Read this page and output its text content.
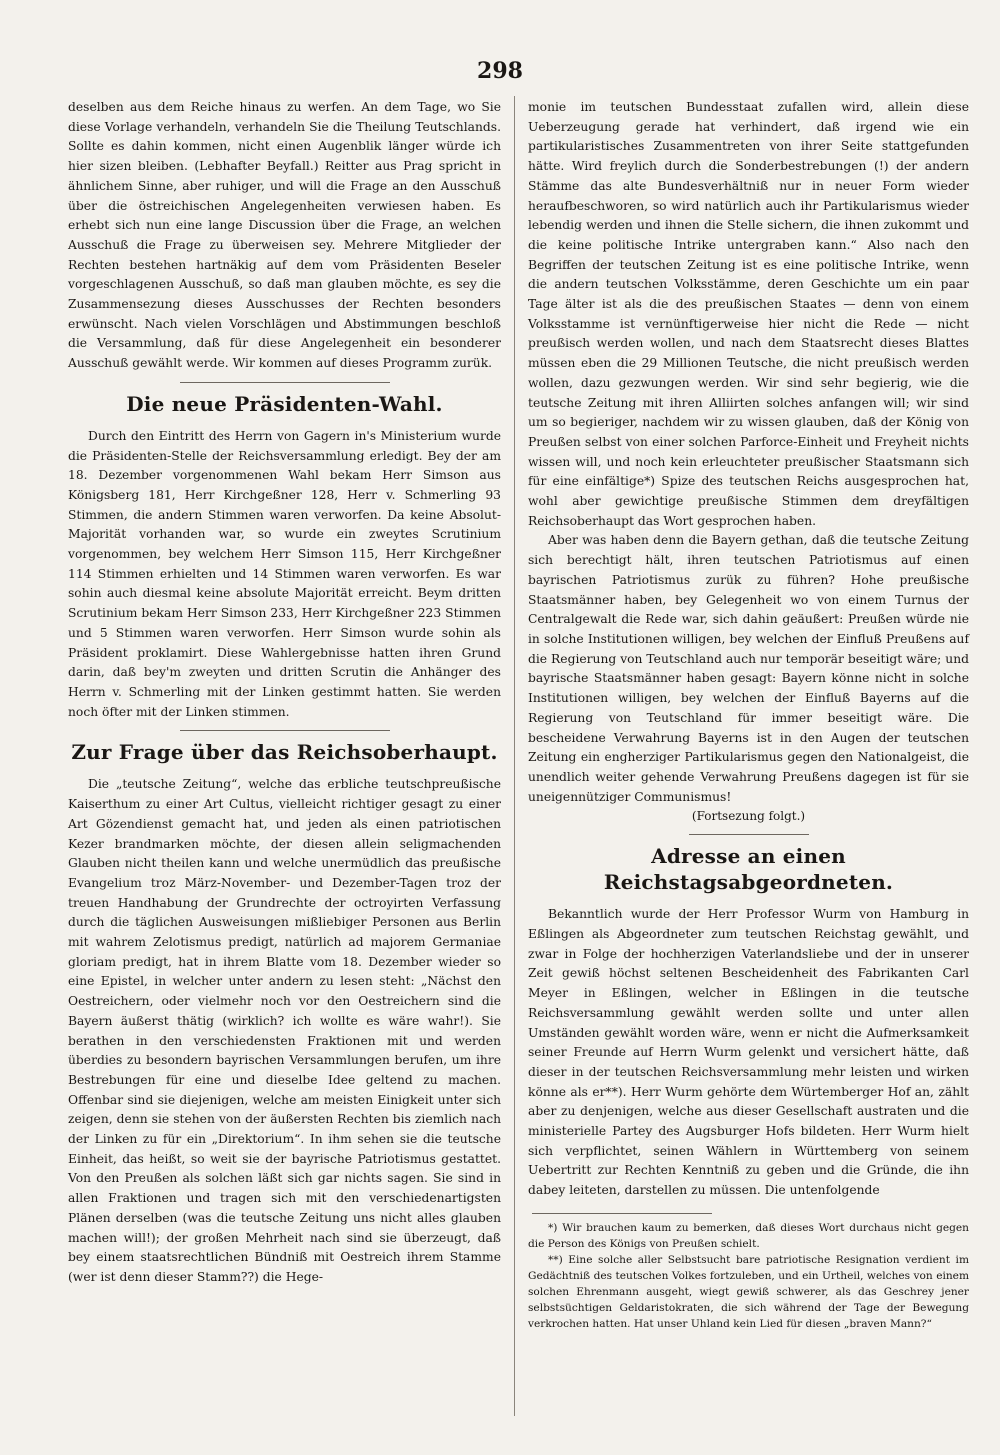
298

deselben aus dem Reiche hinaus zu werfen. An dem Tage, wo Sie diese Vorlage verhandeln, verhandeln Sie die Theilung Teutschlands. Sollte es dahin kommen, nicht einen Augenblik länger würde ich hier sizen bleiben. (Lebhafter Beyfall.) Reitter aus Prag spricht in ähnlichem Sinne, aber ruhiger, und will die Frage an den Ausschuß über die östreichischen Angelegenheiten verwiesen haben. Es erhebt sich nun eine lange Discussion über die Frage, an welchen Ausschuß die Frage zu überweisen sey. Mehrere Mitglieder der Rechten bestehen hartnäkig auf dem vom Präsidenten Beseler vorgeschlagenen Ausschuß, so daß man glauben möchte, es sey die Zusammensezung dieses Ausschusses der Rechten besonders erwünscht. Nach vielen Vorschlägen und Abstimmungen beschloß die Versammlung, daß für diese Angelegenheit ein besonderer Ausschuß gewählt werde. Wir kommen auf dieses Programm zurük.

Die neue Präsidenten-Wahl.

Durch den Eintritt des Herrn von Gagern in's Ministerium wurde die Präsidenten-Stelle der Reichsversammlung erledigt. Bey der am 18. Dezember vorgenommenen Wahl bekam Herr Simson aus Königsberg 181, Herr Kirchgeßner 128, Herr v. Schmerling 93 Stimmen, die andern Stimmen waren verworfen. Da keine Absolut-Majorität vorhanden war, so wurde ein zweytes Scrutinium vorgenommen, bey welchem Herr Simson 115, Herr Kirchgeßner 114 Stimmen erhielten und 14 Stimmen waren verworfen. Es war sohin auch diesmal keine absolute Majorität erreicht. Beym dritten Scrutinium bekam Herr Simson 233, Herr Kirchgeßner 223 Stimmen und 5 Stimmen waren verworfen. Herr Simson wurde sohin als Präsident proklamirt. Diese Wahlergebnisse hatten ihren Grund darin, daß bey'm zweyten und dritten Scrutin die Anhänger des Herrn v. Schmerling mit der Linken gestimmt hatten. Sie werden noch öfter mit der Linken stimmen.

Zur Frage über das Reichsoberhaupt.

Die „teutsche Zeitung“, welche das erbliche teutschpreußische Kaiserthum zu einer Art Cultus, vielleicht richtiger gesagt zu einer Art Gözendienst gemacht hat, und jeden als einen patriotischen Kezer brandmarken möchte, der diesen allein seligmachenden Glauben nicht theilen kann und welche unermüdlich das preußische Evangelium troz März-November- und Dezember-Tagen troz der treuen Handhabung der Grundrechte der octroyirten Verfassung durch die täglichen Ausweisungen mißliebiger Personen aus Berlin mit wahrem Zelotismus predigt, natürlich ad majorem Germaniae gloriam predigt, hat in ihrem Blatte vom 18. Dezember wieder so eine Epistel, in welcher unter andern zu lesen steht: „Nächst den Oestreichern, oder vielmehr noch vor den Oestreichern sind die Bayern äußerst thätig (wirklich? ich wollte es wäre wahr!). Sie berathen in den verschiedensten Fraktionen mit und werden überdies zu besondern bayrischen Versammlungen berufen, um ihre Bestrebungen für eine und dieselbe Idee geltend zu machen. Offenbar sind sie diejenigen, welche am meisten Einigkeit unter sich zeigen, denn sie stehen von der äußersten Rechten bis ziemlich nach der Linken zu für ein „Direktorium“. In ihm sehen sie die teutsche Einheit, das heißt, so weit sie der bayrische Patriotismus gestattet. Von den Preußen als solchen läßt sich gar nichts sagen. Sie sind in allen Fraktionen und tragen sich mit den verschiedenartigsten Plänen derselben (was die teutsche Zeitung uns nicht alles glauben machen will!); der großen Mehrheit nach sind sie überzeugt, daß bey einem staatsrechtlichen Bündniß mit Oestreich ihrem Stamme (wer ist denn dieser Stamm??) die Hege-

monie im teutschen Bundesstaat zufallen wird, allein diese Ueberzeugung gerade hat verhindert, daß irgend wie ein partikularistisches Zusammentreten von ihrer Seite stattgefunden hätte. Wird freylich durch die Sonderbestrebungen (!) der andern Stämme das alte Bundesverhältniß nur in neuer Form wieder heraufbeschworen, so wird natürlich auch ihr Partikularismus wieder lebendig werden und ihnen die Stelle sichern, die ihnen zukommt und die keine politische Intrike untergraben kann.“ Also nach den Begriffen der teutschen Zeitung ist es eine politische Intrike, wenn die andern teutschen Volksstämme, deren Geschichte um ein paar Tage älter ist als die des preußischen Staates — denn von einem Volksstamme ist vernünftigerweise hier nicht die Rede — nicht preußisch werden wollen, und nach dem Staatsrecht dieses Blattes müssen eben die 29 Millionen Teutsche, die nicht preußisch werden wollen, dazu gezwungen werden. Wir sind sehr begierig, wie die teutsche Zeitung mit ihren Alliirten solches anfangen will; wir sind um so begieriger, nachdem wir zu wissen glauben, daß der König von Preußen selbst von einer solchen Parforce-Einheit und Freyheit nichts wissen will, und noch kein erleuchteter preußischer Staatsmann sich für eine einfältige*) Spize des teutschen Reichs ausgesprochen hat, wohl aber gewichtige preußische Stimmen dem dreyfältigen Reichsoberhaupt das Wort gesprochen haben.

Aber was haben denn die Bayern gethan, daß die teutsche Zeitung sich berechtigt hält, ihren teutschen Patriotismus auf einen bayrischen Patriotismus zurük zu führen? Hohe preußische Staatsmänner haben, bey Gelegenheit wo von einem Turnus der Centralgewalt die Rede war, sich dahin geäußert: Preußen würde nie in solche Institutionen willigen, bey welchen der Einfluß Preußens auf die Regierung von Teutschland auch nur temporär beseitigt wäre; und bayrische Staatsmänner haben gesagt: Bayern könne nicht in solche Institutionen willigen, bey welchen der Einfluß Bayerns auf die Regierung von Teutschland für immer beseitigt wäre. Die bescheidene Verwahrung Bayerns ist in den Augen der teutschen Zeitung ein engherziger Partikularismus gegen den Nationalgeist, die unendlich weiter gehende Verwahrung Preußens dagegen ist für sie uneigennütziger Communismus!

(Fortsezung folgt.)
Adresse an einen Reichstagsabgeordneten.

Bekanntlich wurde der Herr Professor Wurm von Hamburg in Eßlingen als Abgeordneter zum teutschen Reichstag gewählt, und zwar in Folge der hochherzigen Vaterlandsliebe und der in unserer Zeit gewiß höchst seltenen Bescheidenheit des Fabrikanten Carl Meyer in Eßlingen, welcher in Eßlingen in die teutsche Reichsversammlung gewählt werden sollte und unter allen Umständen gewählt worden wäre, wenn er nicht die Aufmerksamkeit seiner Freunde auf Herrn Wurm gelenkt und versichert hätte, daß dieser in der teutschen Reichsversammlung mehr leisten und wirken könne als er**). Herr Wurm gehörte dem Würtemberger Hof an, zählt aber zu denjenigen, welche aus dieser Gesellschaft austraten und die ministerielle Partey des Augsburger Hofs bildeten. Herr Wurm hielt sich verpflichtet, seinen Wählern in Württemberg von seinem Uebertritt zur Rechten Kenntniß zu geben und die Gründe, die ihn dabey leiteten, darstellen zu müssen. Die untenfolgende

*) Wir brauchen kaum zu bemerken, daß dieses Wort durchaus nicht gegen die Person des Königs von Preußen schielt.

**) Eine solche aller Selbstsucht bare patriotische Resignation verdient im Gedächtniß des teutschen Volkes fortzuleben, und ein Urtheil, welches von einem solchen Ehrenmann ausgeht, wiegt gewiß schwerer, als das Geschrey jener selbstsüchtigen Geldaristokraten, die sich während der Tage der Bewegung verkrochen hatten. Hat unser Uhland kein Lied für diesen „braven Mann?“
